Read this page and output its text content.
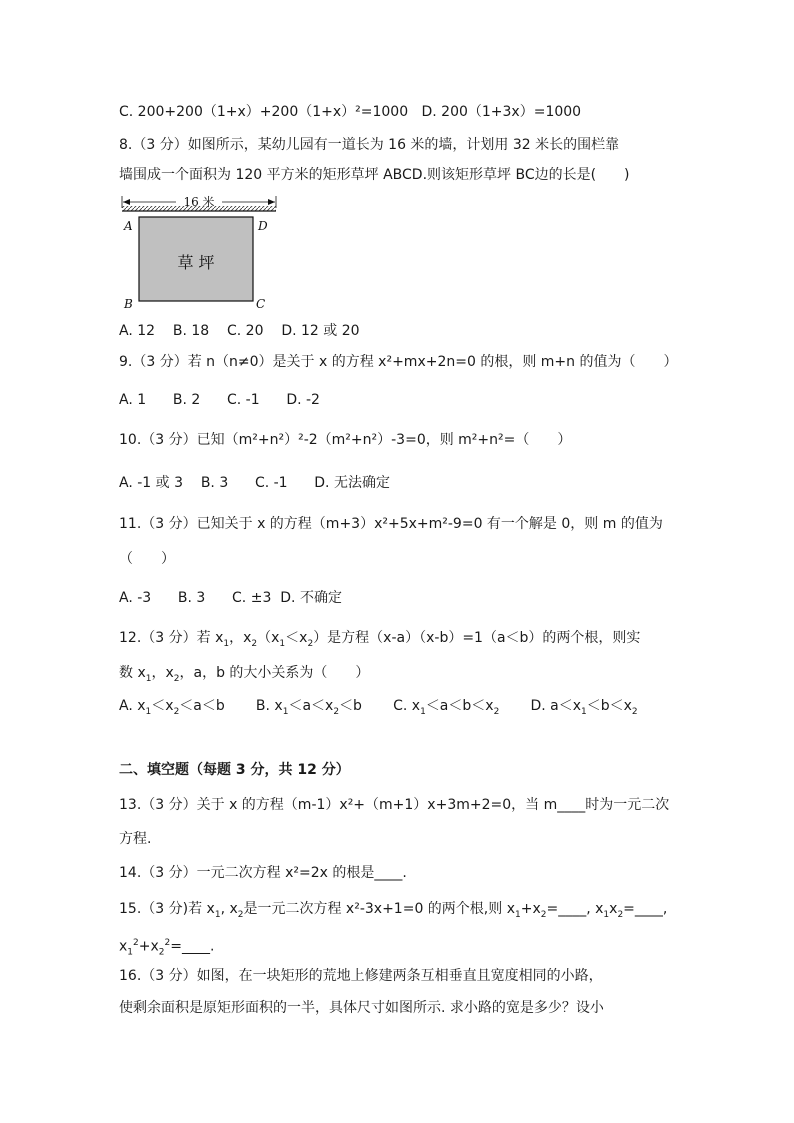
C. 200+200（1+x）+200（1+x）²=1000 D. 200（1+3x）=1000
8.（3 分）如图所示，某幼儿园有一道长为 16 米的墙，计划用 32 米长的围栏靠
墙围成一个面积为 120 平方米的矩形草坪 ABCD.则该矩形草坪 BC边的长是(　　)
16 米
草 坪
A	D
B	C
A. 12 B. 18 C. 20 D. 12 或 20
9.（3 分）若 n（n≠0）是关于 x 的方程 x²+mx+2n=0 的根，则 m+n 的值为（　　）
A. 1 B. 2 C. -1 D. -2
10.（3 分）已知（m²+n²）²-2（m²+n²）-3=0，则 m²+n²=（　　）
A. -1 或 3 B. 3 C. -1 D. 无法确定
11.（3 分）已知关于 x 的方程（m+3）x²+5x+m²-9=0 有一个解是 0，则 m 的值为
（　　）
A. -3 B. 3 C. ±3 D. 不确定
12.（3 分）若 $x_1$，$x_2(x_1<x_2)$是方程（x-a）（x-b）=1（a＜b）的两个根，则实
数 $x_1$，$x_2$，a，b 的大小关系为（　　）
A. $x_1<x_2<a<b$ B. $x_1<a<x_2<b$ C. $x_1<a<b<x_2$ D. $a<x_1<b<x_2$
二、填空题（每题 3 分，共 12 分）
13.（3 分）关于 x 的方程（m-1）x²+（m+1）x+3m+2=0，当 m____时为一元二次
方程.
14.（3 分）一元二次方程 x²=2x 的根是____.
15.（3 分)若 $x_1$, $x_2$是一元二次方程 x²-3x+1=0 的两个根,则 $x_1+x_2=\_\_\_\_$, $x_1x_2=\_\_\_\_$,
$x_1^2+x_2^2=\_\_\_\_$.
16.（3 分）如图，在一块矩形的荒地上修建两条互相垂直且宽度相同的小路，
使剩余面积是原矩形面积的一半，具体尺寸如图所示. 求小路的宽是多少？设小
